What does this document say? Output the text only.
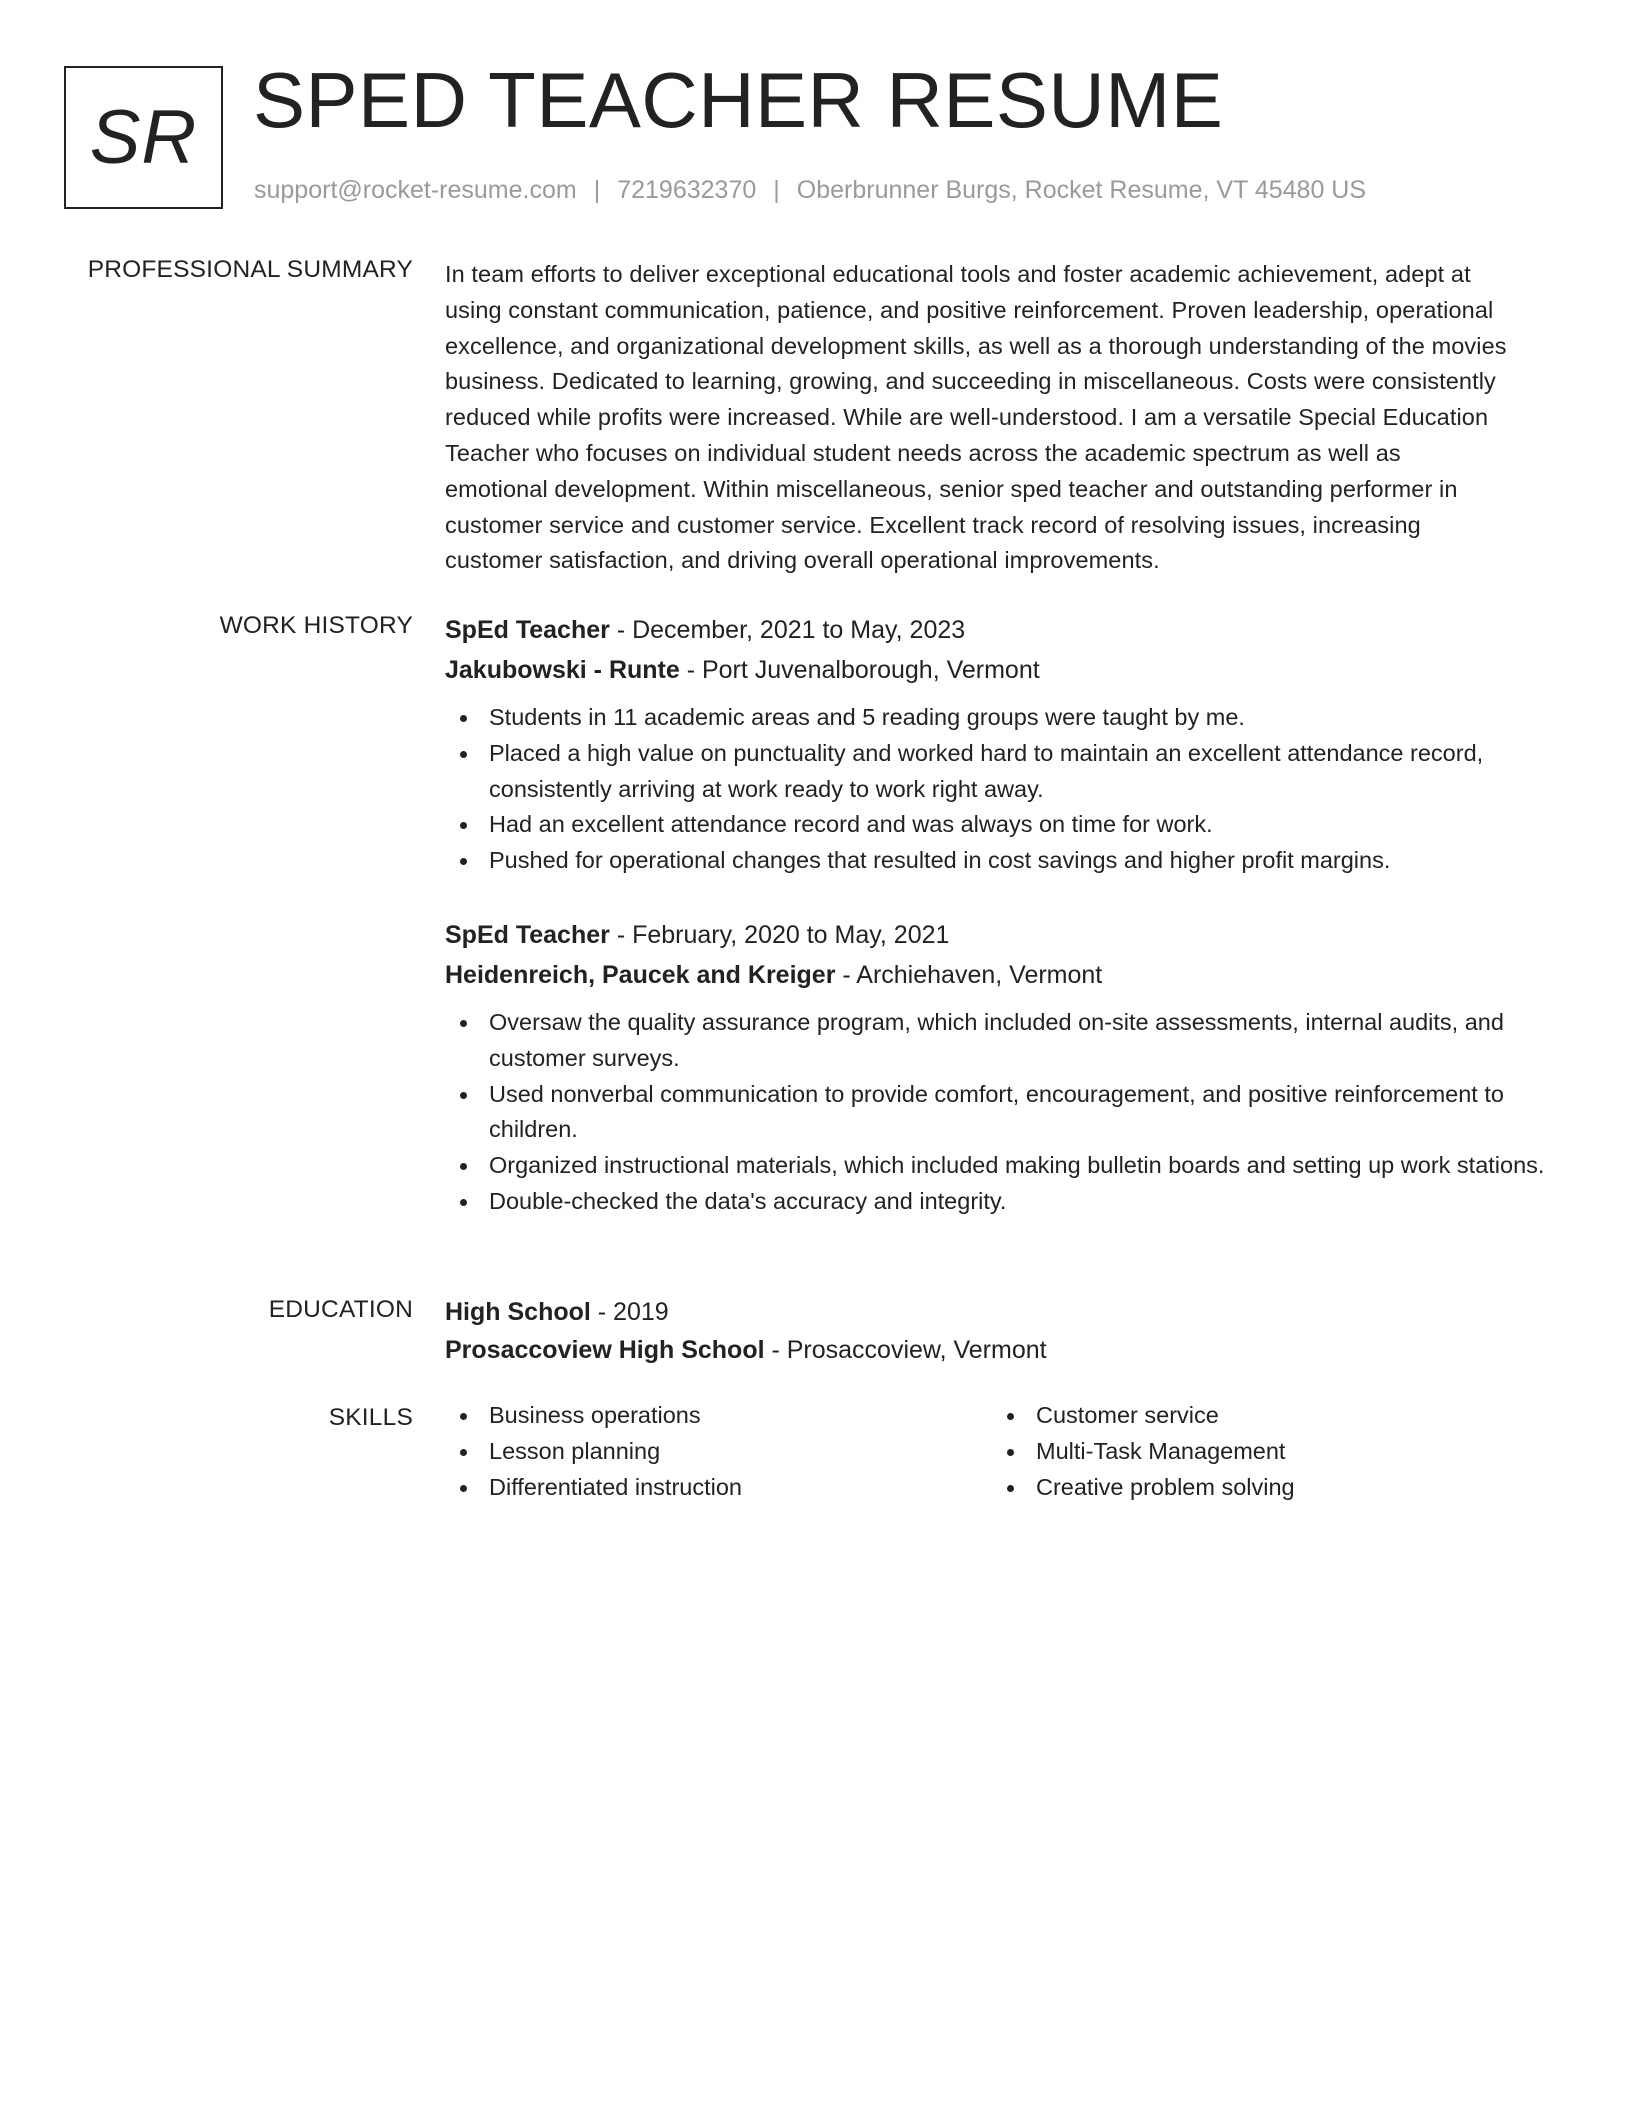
SR SPED TEACHER RESUME
support@rocket-resume.com | 7219632370 | Oberbrunner Burgs, Rocket Resume, VT 45480 US
PROFESSIONAL SUMMARY In team efforts to deliver exceptional educational tools and foster academic achievement, adept at
using constant communication, patience, and positive reinforcement. Proven leadership, operational
excellence, and organizational development skills, as well as a thorough understanding of the movies
business. Dedicated to learning, growing, and succeeding in miscellaneous. Costs were consistently
reduced while profits were increased. While are well-understood. I am a versatile Special Education
Teacher who focuses on individual student needs across the academic spectrum as well as
emotional development. Within miscellaneous, senior sped teacher and outstanding performer in
customer service and customer service. Excellent track record of resolving issues, increasing
customer satisfaction, and driving overall operational improvements.
WORK HISTORY SpEd Teacher - December, 2021 to May, 2023
Jakubowski - Runte - Port Juvenalborough, Vermont
Students in 11 academic areas and 5 reading groups were taught by me.
Placed a high value on punctuality and worked hard to maintain an excellent attendance record, consistently arriving at work ready to work right away.
Had an excellent attendance record and was always on time for work.
Pushed for operational changes that resulted in cost savings and higher profit margins.
SpEd Teacher - February, 2020 to May, 2021
Heidenreich, Paucek and Kreiger - Archiehaven, Vermont
Oversaw the quality assurance program, which included on-site assessments, internal audits, and customer surveys.
Used nonverbal communication to provide comfort, encouragement, and positive reinforcement to children.
Organized instructional materials, which included making bulletin boards and setting up work stations.
Double-checked the data's accuracy and integrity.
EDUCATION High School - 2019
Prosaccoview High School - Prosaccoview, Vermont
SKILLS	Business operations
Lesson planning
Differentiated instruction
Customer service
Multi-Task Management
Creative problem solving
